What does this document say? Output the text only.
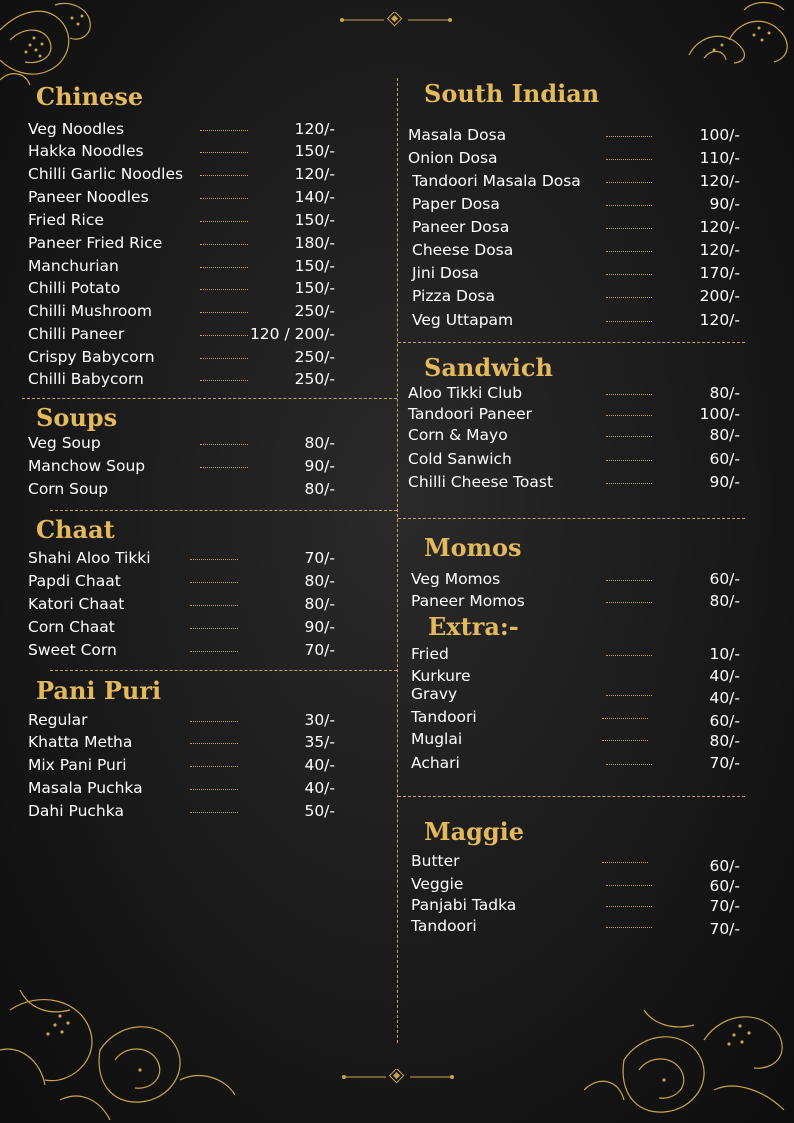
Chinese
Soups
Chaat
Pani Puri
South Indian
Sandwich
Momos
Extra:-
Maggie
Veg Noodles	120/-
Hakka Noodles	150/-
Chilli Garlic Noodles	120/-
Paneer Noodles	140/-
Fried Rice	150/-
Paneer Fried Rice	180/-
Manchurian	150/-
Chilli Potato	150/-
Chilli Mushroom	250/-
Chilli Paneer	120 / 200/-
Crispy Babycorn	250/-
Chilli Babycorn	250/-
Veg Soup	80/-
Manchow Soup	90/-
Corn Soup	80/-
Shahi Aloo Tikki	70/-
Papdi Chaat	80/-
Katori Chaat	80/-
Corn Chaat	90/-
Sweet Corn	70/-
Regular	30/-
Khatta Metha	35/-
Mix Pani Puri	40/-
Masala Puchka	40/-
Dahi Puchka	50/-
Masala Dosa	100/-
Onion Dosa	110/-
Tandoori Masala Dosa	120/-
Paper Dosa	90/-
Paneer Dosa	120/-
Cheese Dosa	120/-
Jini Dosa	170/-
Pizza Dosa	200/-
Veg Uttapam	120/-
Aloo Tikki Club	80/-
Tandoori Paneer	100/-
Corn & Mayo	80/-
Cold Sanwich	60/-
Chilli Cheese Toast	90/-
Veg Momos	60/-
Paneer Momos	80/-
Fried	10/-
Kurkure	40/-
Gravy	40/-
Tandoori	60/-
Muglai	80/-
Achari	70/-
Butter	60/-
Veggie	60/-
Panjabi Tadka	70/-
Tandoori	70/-
